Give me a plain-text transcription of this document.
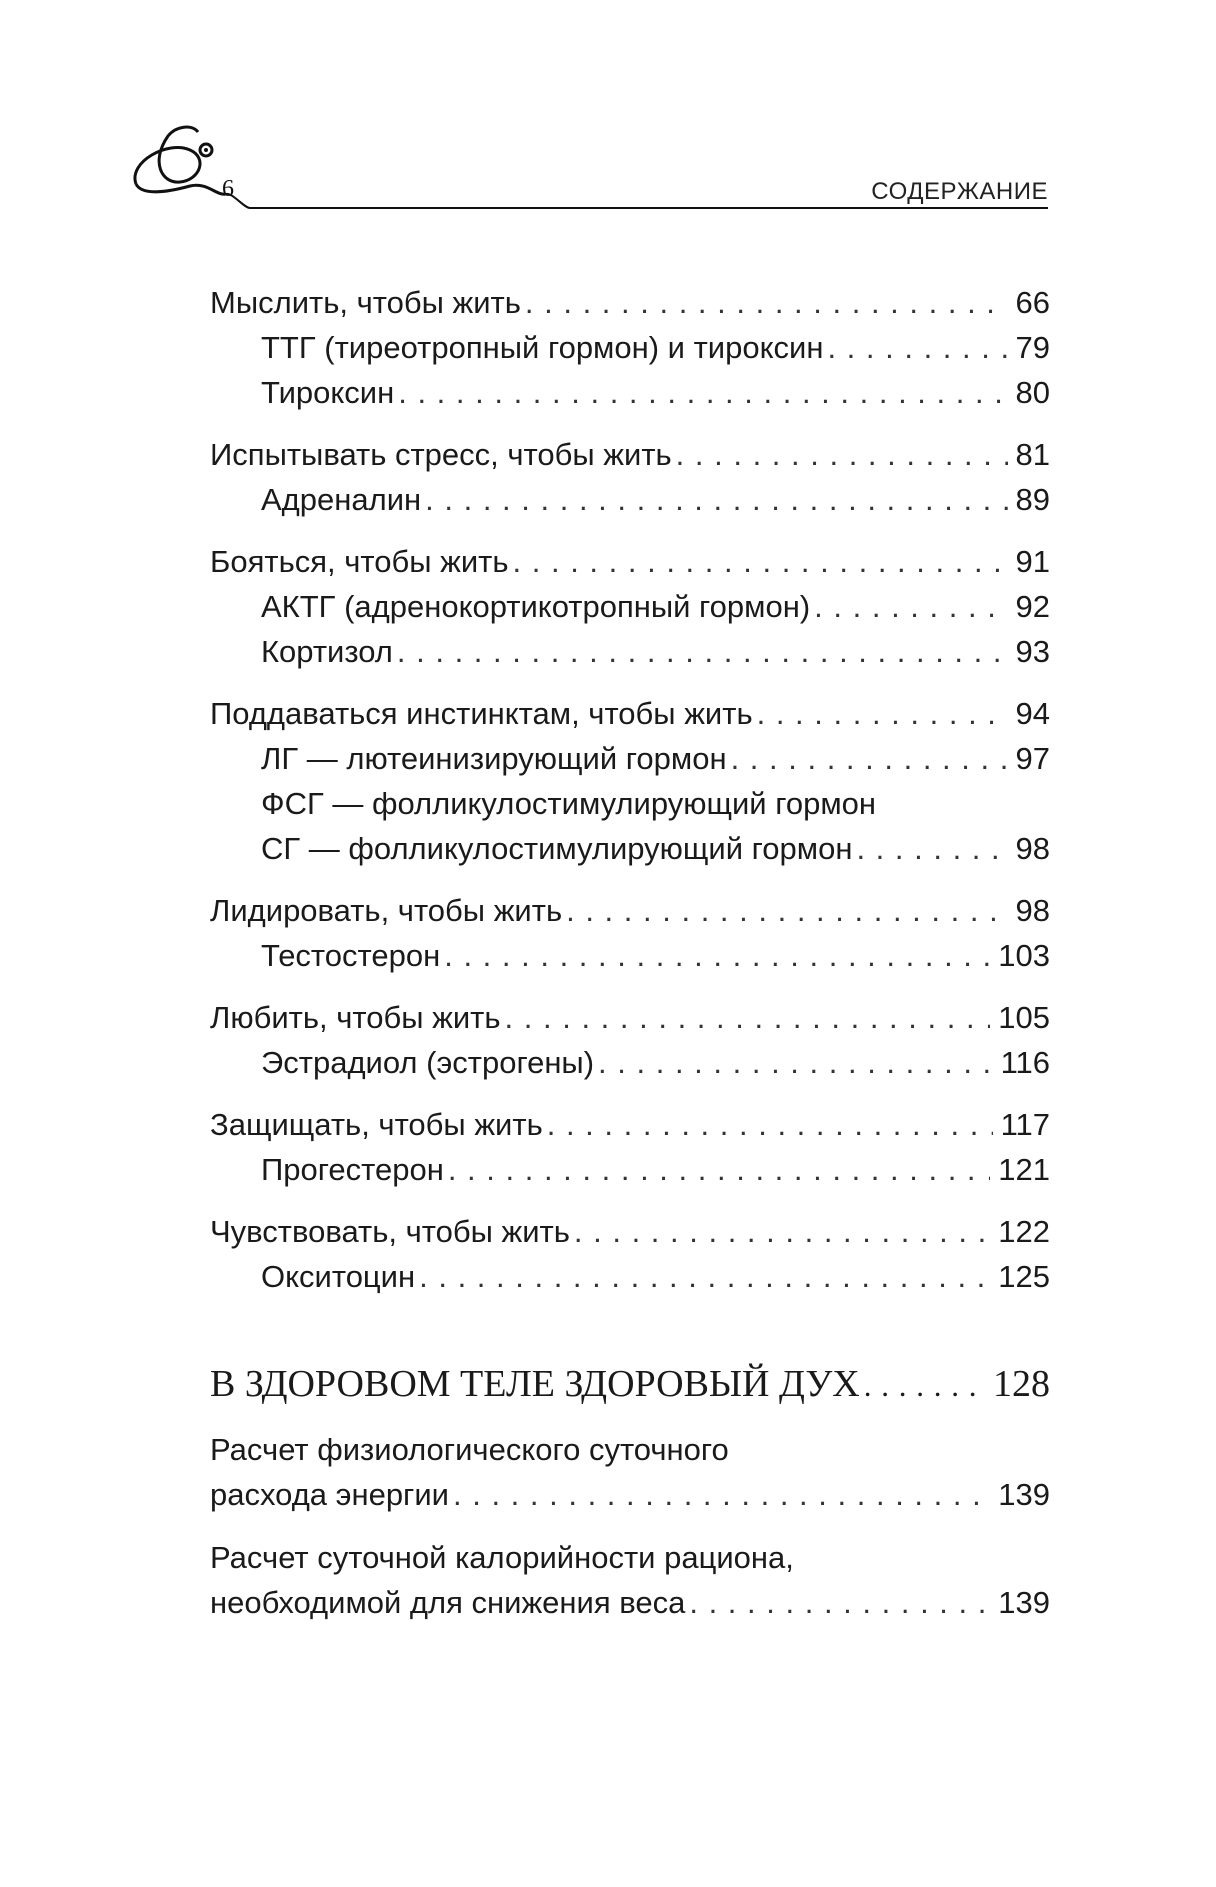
6	СОДЕРЖАНИЕ
Мыслить, чтобы жить . . .	66
ТТГ (тиреотропный гормон) и тироксин . . .	79
Тироксин . . .	80
Испытывать стресс, чтобы жить . . .	81
Адреналин . . .	89
Бояться, чтобы жить . . .	91
АКТГ (адренокортикотропный гормон) . . .	92
Кортизол . . .	93
Поддаваться инстинктам, чтобы жить . . .	94
ЛГ — лютеинизирующий гормон . . .	97
ФСГ — фолликулостимулирующий гормон
СГ — фолликулостимулирующий гормон . . .	98
Лидировать, чтобы жить . . .	98
Тестостерон . . .	103
Любить, чтобы жить . . .	105
Эстрадиол (эстрогены) . . .	116
Защищать, чтобы жить . . .	117
Прогестерон . . .	121
Чувствовать, чтобы жить . . .	122
Окситоцин . . .	125
В ЗДОРОВОМ ТЕЛЕ ЗДОРОВЫЙ ДУХ . . .	128
Расчет физиологического суточного
расхода энергии . . .	139
Расчет суточной калорийности рациона,
необходимой для снижения веса . . .	139
